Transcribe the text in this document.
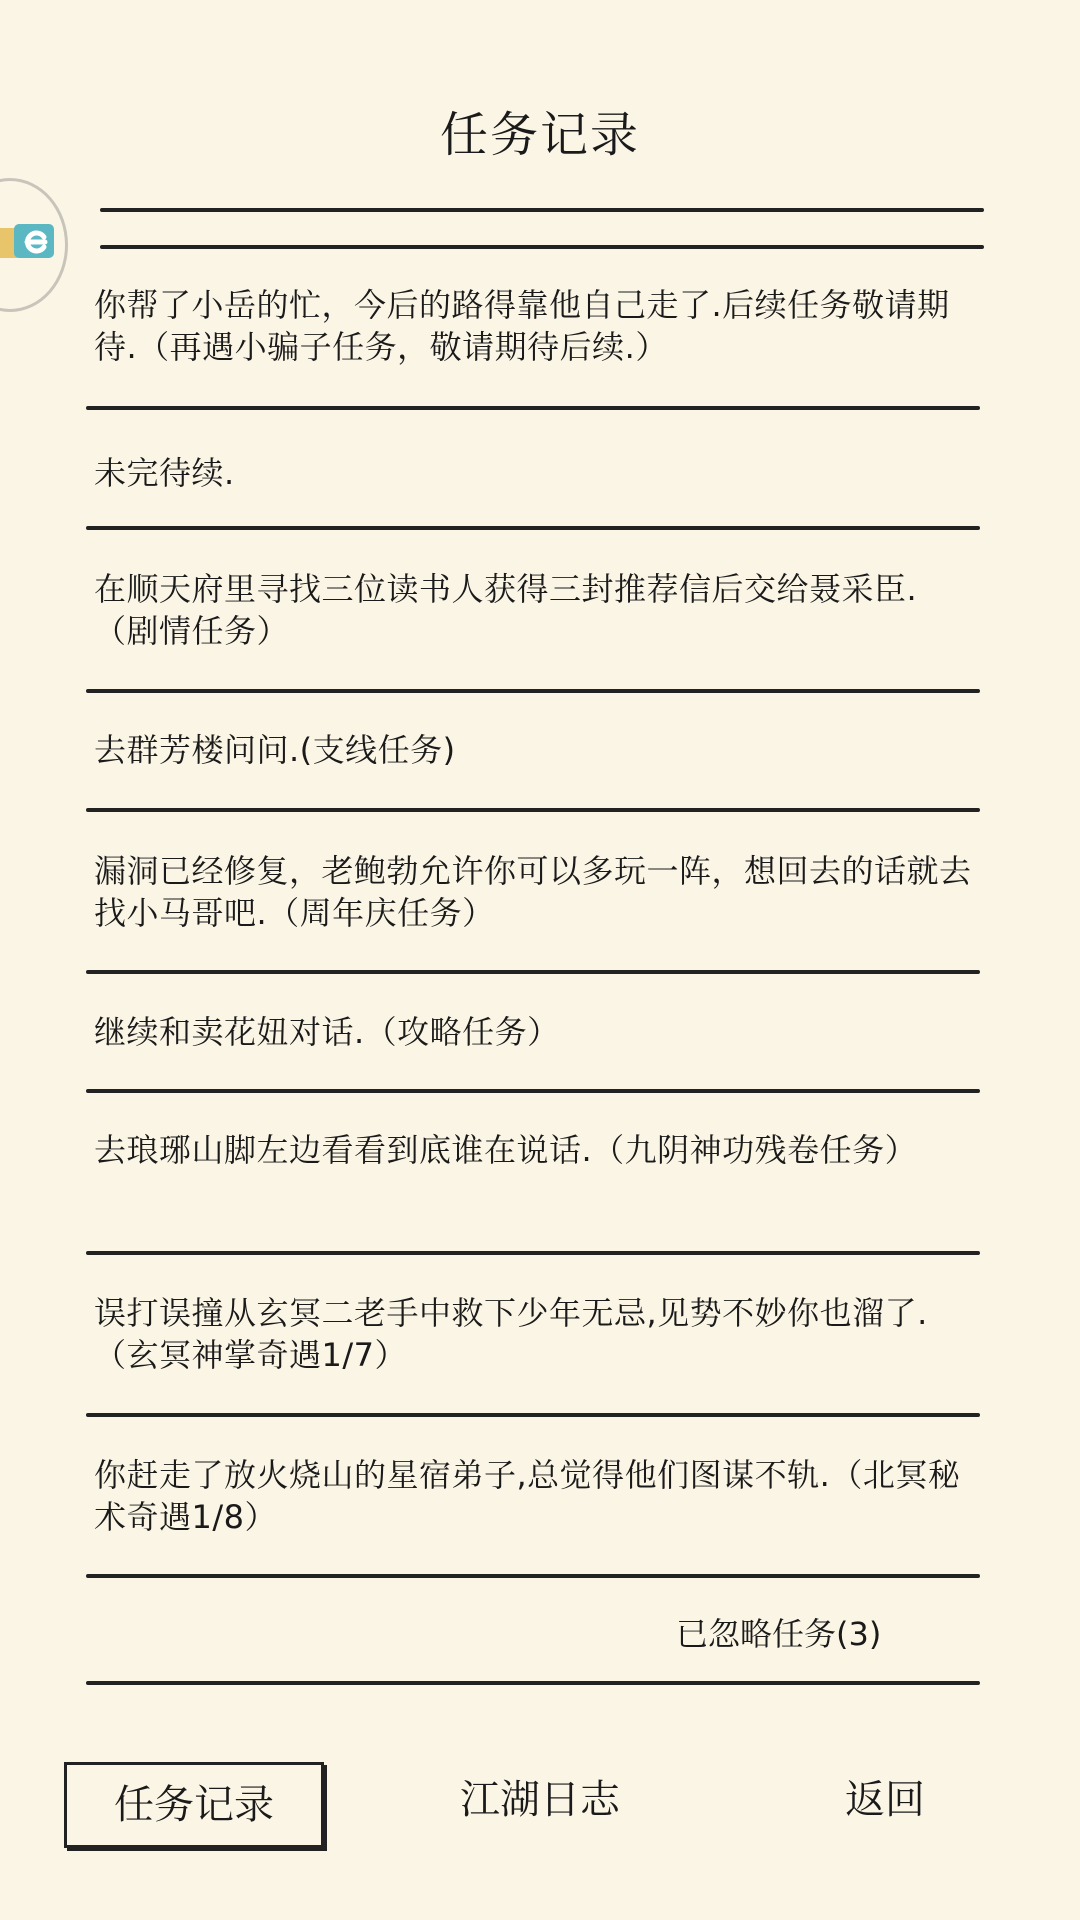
任务记录
你帮了小岳的忙，今后的路得靠他自己走了.后续任务敬请期待.（再遇小骗子任务，敬请期待后续.）
未完待续.
在顺天府里寻找三位读书人获得三封推荐信后交给聂采臣.（剧情任务）
去群芳楼问问.(支线任务)
漏洞已经修复，老鲍勃允许你可以多玩一阵，想回去的话就去找小马哥吧.（周年庆任务）
继续和卖花妞对话.（攻略任务）
去琅琊山脚左边看看到底谁在说话.（九阴神功残卷任务）
误打误撞从玄冥二老手中救下少年无忌,见势不妙你也溜了.（玄冥神掌奇遇1/7）
你赶走了放火烧山的星宿弟子,总觉得他们图谋不轨.（北冥秘术奇遇1/8）
已忽略任务(3)
任务记录	江湖日志	返回
